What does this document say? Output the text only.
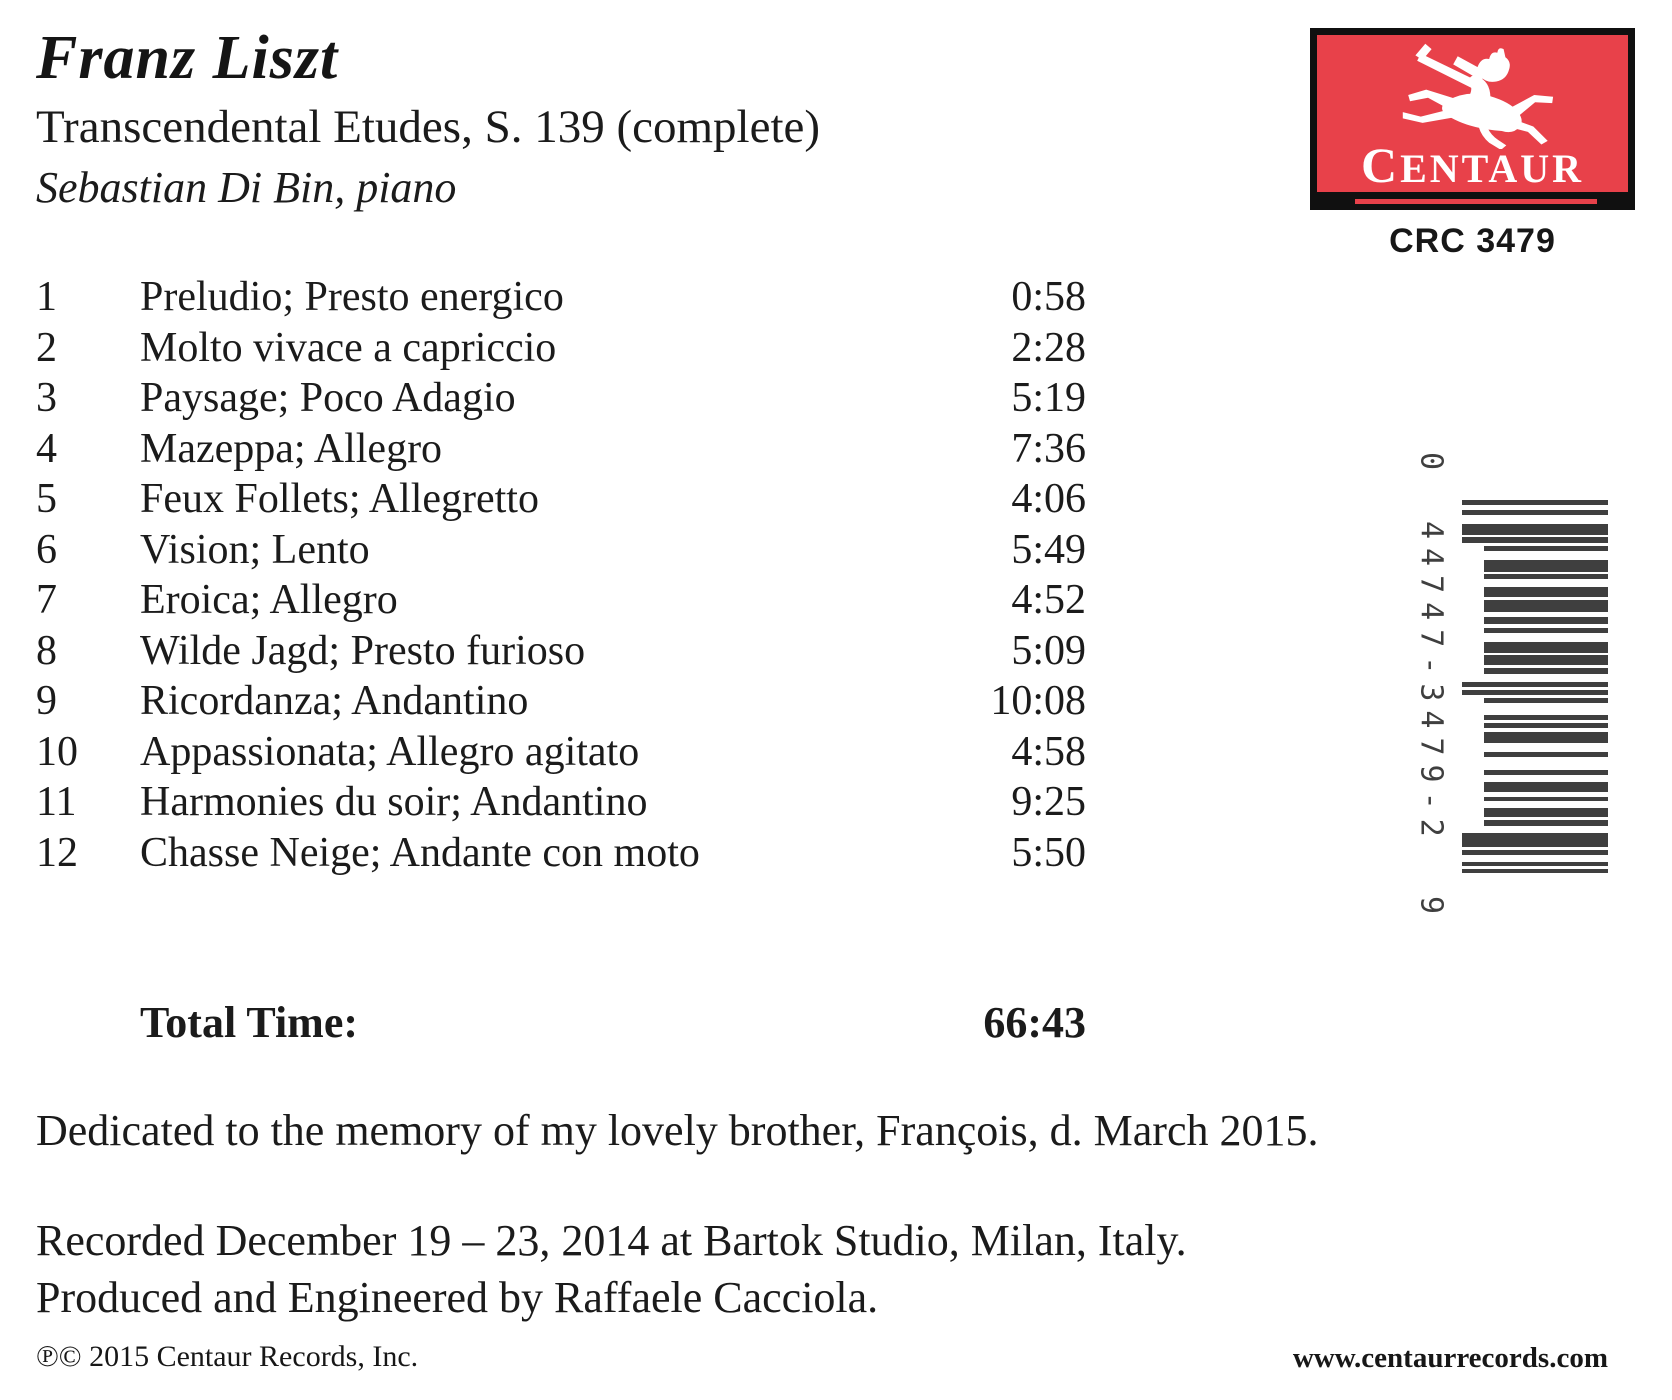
Franz Liszt
Transcendental Etudes, S. 139 (complete)
Sebastian Di Bin, piano	CENTAUR
CRC 3479
1	Preludio; Presto energico	0:58
2	Molto vivace a capriccio	2:28
3	Paysage; Poco Adagio	5:19
4	Mazeppa; Allegro	7:36
5	Feux Follets; Allegretto	4:06
6	Vision; Lento	5:49
7	Eroica; Allegro	4:52
8	Wilde Jagd; Presto furioso	5:09
9	Ricordanza; Andantino	10:08
10	Appassionata; Allegro agitato	4:58
11	Harmonies du soir; Andantino	9:25
12	Chasse Neige; Andante con moto	5:50
Total Time:	66:43
Dedicated to the memory of my lovely brother, François, d. March 2015.
Recorded December 19 – 23, 2014 at Bartok Studio, Milan, Italy.
Produced and Engineered by Raffaele Cacciola.
℗© 2015 Centaur Records, Inc.	www.centaurrecords.com
0
44747-3479-2
9
